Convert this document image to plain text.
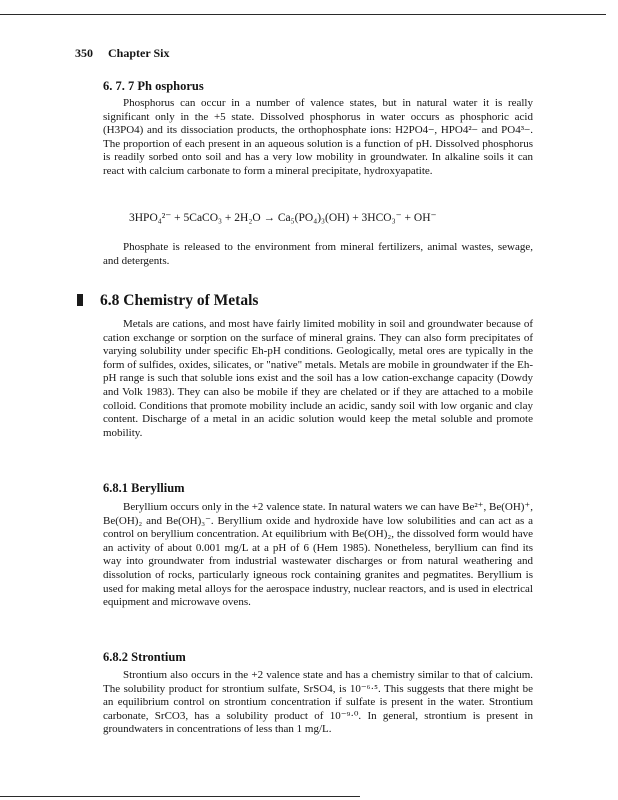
350 Chapter Six
6. 7. 7 Ph osphorus
Phosphorus can occur in a number of valence states, but in natural water it is really significant only in the +5 state. Dissolved phosphorus in water occurs as phosphoric acid (H3PO4) and its dissociation products, the orthophosphate ions: H2PO4−, HPO4²− and PO4³−. The proportion of each present in an aqueous solution is a function of pH. Dissolved phosphorus is readily sorbed onto soil and has a very low mobility in groundwater. In alkaline soils it can react with calcium carbonate to form a mineral precipitate, hydroxyapatite.
3HPO₄²⁻ + 5CaCO₃ + 2H₂O → Ca₅(PO₄)₃(OH) + 3HCO₃⁻ + OH⁻
Phosphate is released to the environment from mineral fertilizers, animal wastes, sewage, and detergents.
6.8 Chemistry of Metals
Metals are cations, and most have fairly limited mobility in soil and groundwater because of cation exchange or sorption on the surface of mineral grains. They can also form precipitates of varying solubility under specific Eh-pH conditions. Geologically, metal ores are typically in the form of sulfides, oxides, silicates, or "native" metals. Metals are mobile in groundwater if the Eh-pH range is such that soluble ions exist and the soil has a low cation-exchange capacity (Dowdy and Volk 1983). They can also be mobile if they are chelated or if they are attached to a mobile colloid. Conditions that promote mobility include an acidic, sandy soil with low organic and clay content. Discharge of a metal in an acidic solution would keep the metal soluble and promote mobility.
6.8.1 Beryllium
Beryllium occurs only in the +2 valence state. In natural waters we can have Be²⁺, Be(OH)⁺, Be(OH)₂ and Be(OH)₃⁻. Beryllium oxide and hydroxide have low solubilities and can act as a control on beryllium concentration. At equilibrium with Be(OH)₂, the dissolved form would have an activity of about 0.001 mg/L at a pH of 6 (Hem 1985). Nonetheless, beryllium can find its way into groundwater from industrial wastewater discharges or from natural weathering and dissolution of rocks, particularly igneous rock containing granites and pegmatites. Beryllium is used for making metal alloys for the aerospace industry, nuclear reactors, and is used in electrical equipment and microwave ovens.
6.8.2 Strontium
Strontium also occurs in the +2 valence state and has a chemistry similar to that of calcium. The solubility product for strontium sulfate, SrSO4, is 10⁻⁶·⁵. This suggests that there might be an equilibrium control on strontium concentration if sulfate is present in the water. Strontium carbonate, SrCO3, has a solubility product of 10⁻⁹·⁰. In general, strontium is present in groundwaters in concentrations of less than 1 mg/L.
